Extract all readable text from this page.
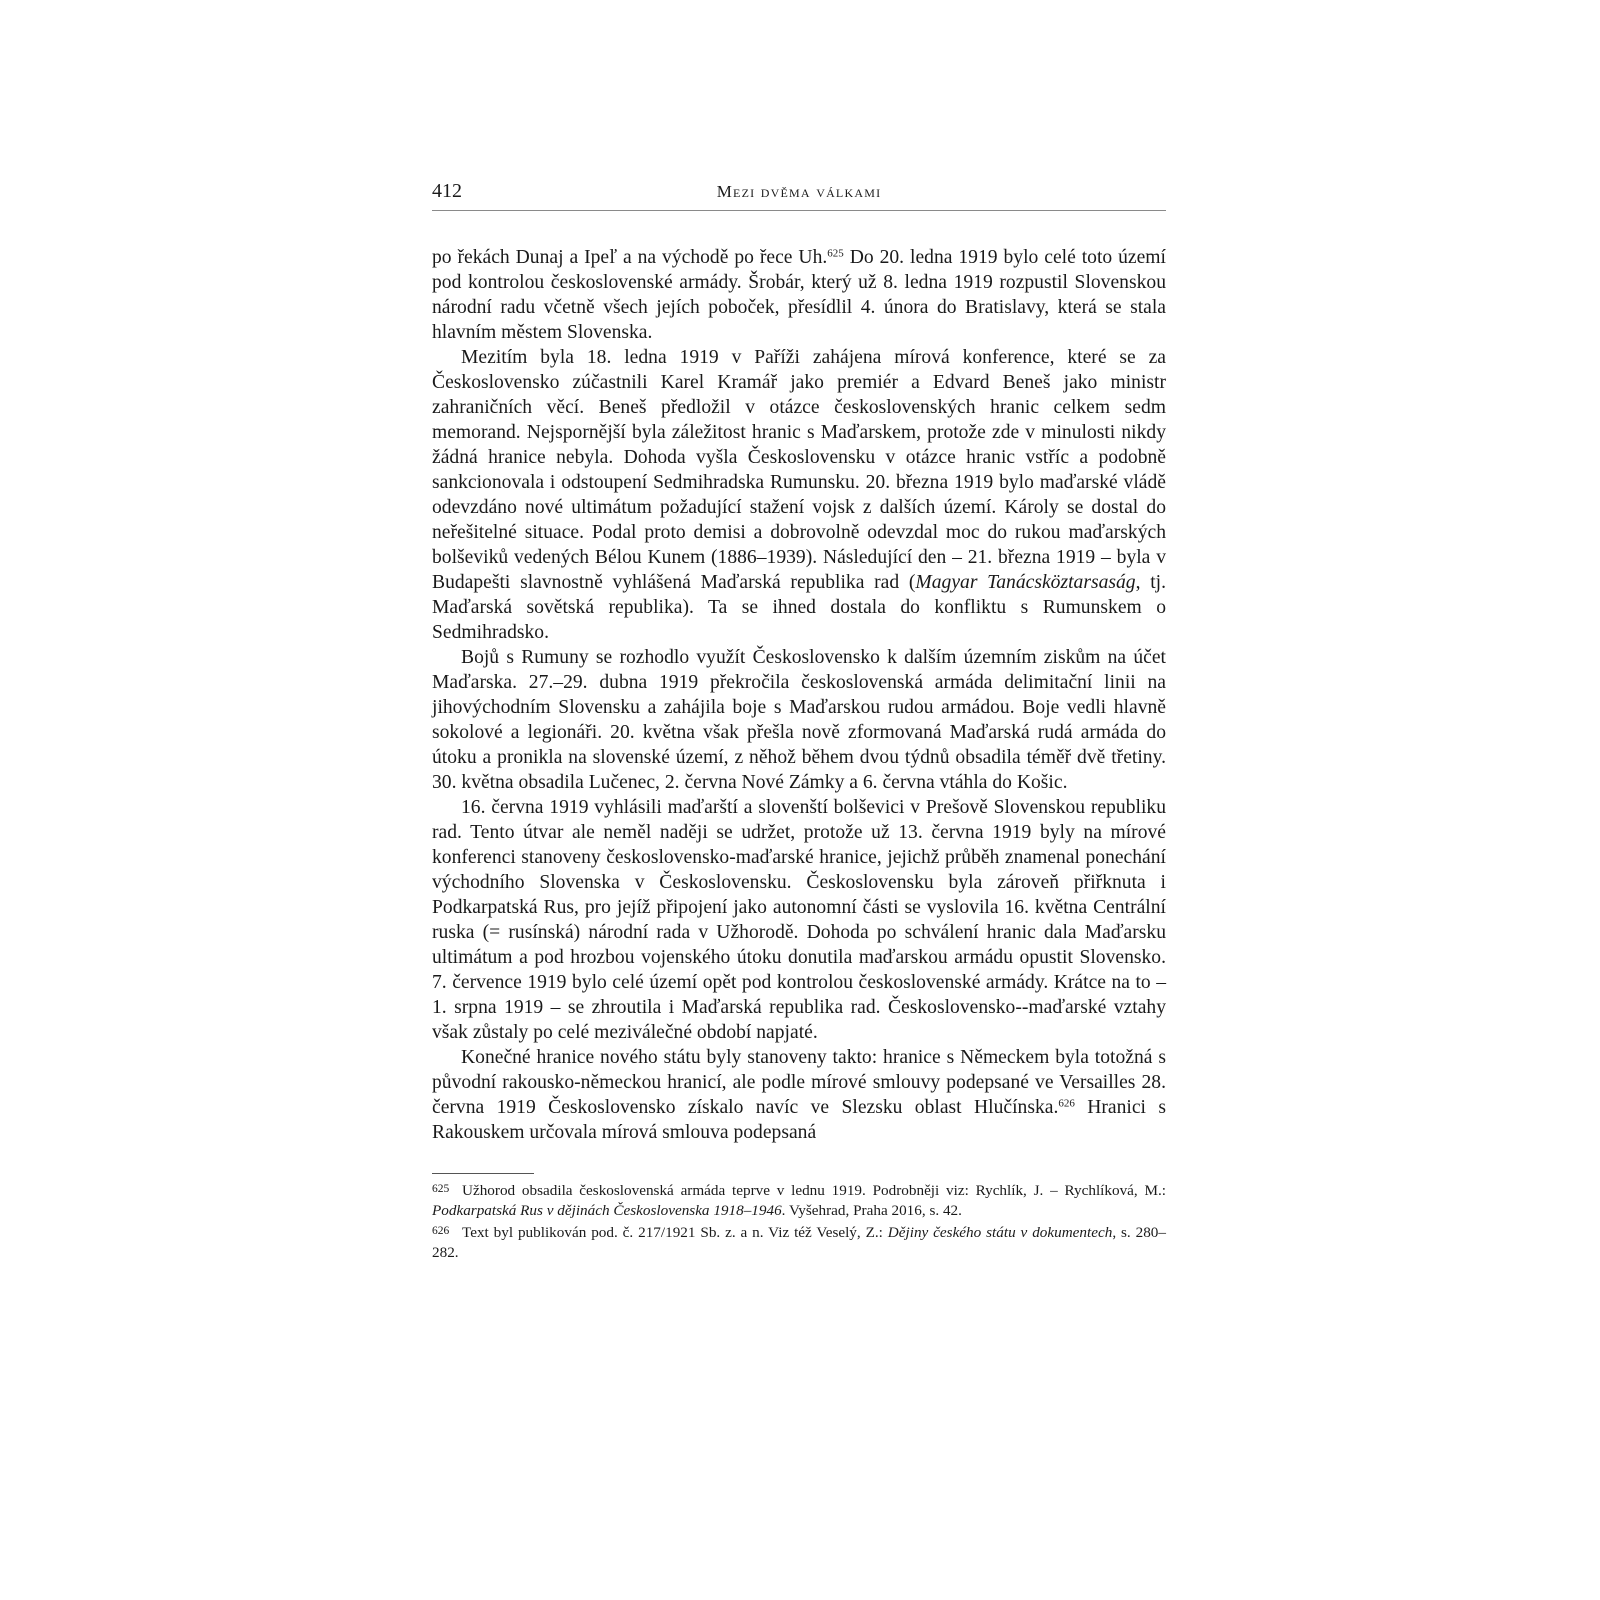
412	Mezi dvěma válkami

po řekách Dunaj a Ipeľ a na východě po řece Uh.$^{625}$ Do 20. ledna 1919 bylo celé toto území pod kontrolou československé armády. Šrobár, který už 8. ledna 1919 rozpustil Slovenskou národní radu včetně všech jejích poboček, přesídlil 4. února do Bratislavy, která se stala hlavním městem Slovenska.

Mezitím byla 18. ledna 1919 v Paříži zahájena mírová konference, které se za Československo zúčastnili Karel Kramář jako premiér a Edvard Beneš jako ministr zahraničních věcí. Beneš předložil v otázce československých hranic celkem sedm memorand. Nejspornější byla záležitost hranic s Maďarskem, protože zde v minulosti nikdy žádná hranice nebyla. Dohoda vyšla Československu v otázce hranic vstříc a podobně sankcionovala i odstoupení Sedmihradska Rumunsku. 20. března 1919 bylo maďarské vládě odevzdáno nové ultimátum požadující stažení vojsk z dalších území. Károly se dostal do neřešitelné situace. Podal proto demisi a dobrovolně odevzdal moc do rukou maďarských bolševiků vedených Bélou Kunem (1886–1939). Následující den – 21. března 1919 – byla v Budapešti slavnostně vyhlášená Maďarská republika rad (Magyar Tanácsköztarsaság, tj. Maďarská sovětská republika). Ta se ihned dostala do konfliktu s Rumunskem o Sedmihradsko.

Bojů s Rumuny se rozhodlo využít Československo k dalším územním ziskům na účet Maďarska. 27.–29. dubna 1919 překročila československá armáda delimitační linii na jihovýchodním Slovensku a zahájila boje s Maďarskou rudou armádou. Boje vedli hlavně sokolové a legionáři. 20. května však přešla nově zformovaná Maďarská rudá armáda do útoku a pronikla na slovenské území, z něhož během dvou týdnů obsadila téměř dvě třetiny. 30. května obsadila Lučenec, 2. června Nové Zámky a 6. června vtáhla do Košic.

16. června 1919 vyhlásili maďarští a slovenští bolševici v Prešově Slovenskou republiku rad. Tento útvar ale neměl naději se udržet, protože už 13. června 1919 byly na mírové konferenci stanoveny československo-maďarské hranice, jejichž průběh znamenal ponechání východního Slovenska v Československu. Československu byla zároveň přiřknuta i Podkarpatská Rus, pro jejíž připojení jako autonomní části se vyslovila 16. května Centrální ruska (= rusínská) národní rada v Užhorodě. Dohoda po schválení hranic dala Maďarsku ultimátum a pod hrozbou vojenského útoku donutila maďarskou armádu opustit Slovensko. 7. července 1919 bylo celé území opět pod kontrolou československé armády. Krátce na to – 1. srpna 1919 – se zhroutila i Maďarská republika rad. Československo--maďarské vztahy však zůstaly po celé meziválečné období napjaté.

Konečné hranice nového státu byly stanoveny takto: hranice s Německem byla totožná s původní rakousko-německou hranicí, ale podle mírové smlouvy podepsané ve Versailles 28. června 1919 Československo získalo navíc ve Slezsku oblast Hlučínska.$^{626}$ Hranici s Rakouskem určovala mírová smlouva podepsaná

625 Užhorod obsadila československá armáda teprve v lednu 1919. Podrobněji viz: Rychlík, J. – Rychlíková, M.: Podkarpatská Rus v dějinách Československa 1918–1946. Vyšehrad, Praha 2016, s. 42.

626 Text byl publikován pod. č. 217/1921 Sb. z. a n. Viz též Veselý, Z.: Dějiny českého státu v dokumentech, s. 280–282.
